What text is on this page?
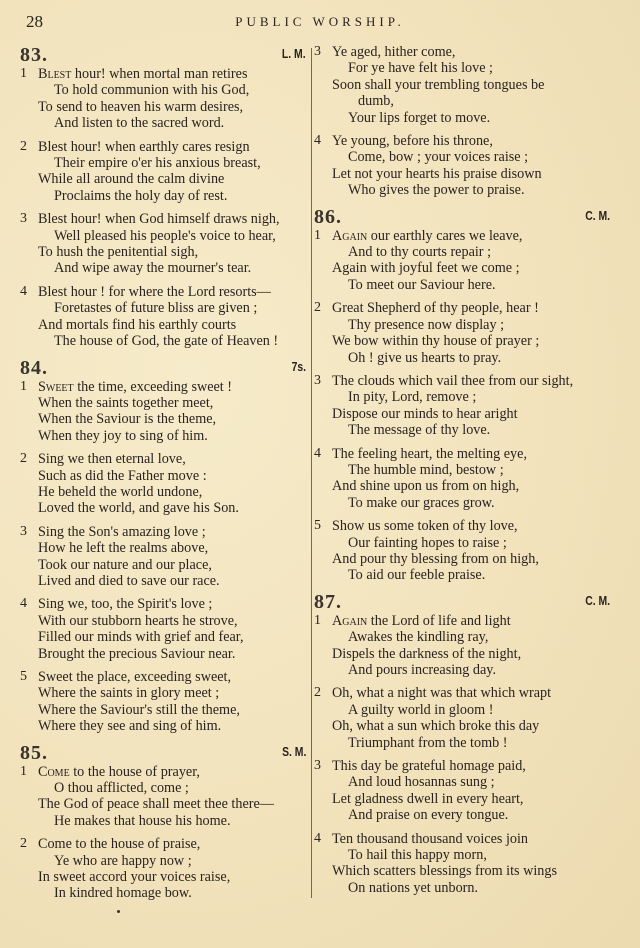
28	PUBLIC WORSHIP.
83.	L. M.
1 Blest hour! when mortal man retires
To hold communion with his God,
To send to heaven his warm desires,
And listen to the sacred word.
2 Blest hour! when earthly cares resign
Their empire o'er his anxious breast,
While all around the calm divine
Proclaims the holy day of rest.
3 Blest hour! when God himself draws nigh,
Well pleased his people's voice to hear,
To hush the penitential sigh,
And wipe away the mourner's tear.
4 Blest hour ! for where the Lord resorts—
Foretastes of future bliss are given ;
And mortals find his earthly courts
The house of God, the gate of Heaven !
84.	7s.
1 Sweet the time, exceeding sweet !
When the saints together meet,
When the Saviour is the theme,
When they joy to sing of him.
2 Sing we then eternal love,
Such as did the Father move :
He beheld the world undone,
Loved the world, and gave his Son.
3 Sing the Son's amazing love ;
How he left the realms above,
Took our nature and our place,
Lived and died to save our race.
4 Sing we, too, the Spirit's love ;
With our stubborn hearts he strove,
Filled our minds with grief and fear,
Brought the precious Saviour near.
5 Sweet the place, exceeding sweet,
Where the saints in glory meet ;
Where the Saviour's still the theme,
Where they see and sing of him.
85.	S. M.
1 Come to the house of prayer,
O thou afflicted, come ;
The God of peace shall meet thee there—
He makes that house his home.
2 Come to the house of praise,
Ye who are happy now ;
In sweet accord your voices raise,
In kindred homage bow.
3 Ye aged, hither come,
For ye have felt his love ;
Soon shall your trembling tongues be
dumb,
Your lips forget to move.
4 Ye young, before his throne,
Come, bow ; your voices raise ;
Let not your hearts his praise disown
Who gives the power to praise.
86.	C. M.
1 Again our earthly cares we leave,
And to thy courts repair ;
Again with joyful feet we come ;
To meet our Saviour here.
2 Great Shepherd of thy people, hear !
Thy presence now display ;
We bow within thy house of prayer ;
Oh ! give us hearts to pray.
3 The clouds which vail thee from our sight,
In pity, Lord, remove ;
Dispose our minds to hear aright
The message of thy love.
4 The feeling heart, the melting eye,
The humble mind, bestow ;
And shine upon us from on high,
To make our graces grow.
5 Show us some token of thy love,
Our fainting hopes to raise ;
And pour thy blessing from on high,
To aid our feeble praise.
87.	C. M.
1 Again the Lord of life and light
Awakes the kindling ray,
Dispels the darkness of the night,
And pours increasing day.
2 Oh, what a night was that which wrapt
A guilty world in gloom !
Oh, what a sun which broke this day
Triumphant from the tomb !
3 This day be grateful homage paid,
And loud hosannas sung ;
Let gladness dwell in every heart,
And praise on every tongue.
4 Ten thousand thousand voices join
To hail this happy morn,
Which scatters blessings from its wings
On nations yet unborn.
